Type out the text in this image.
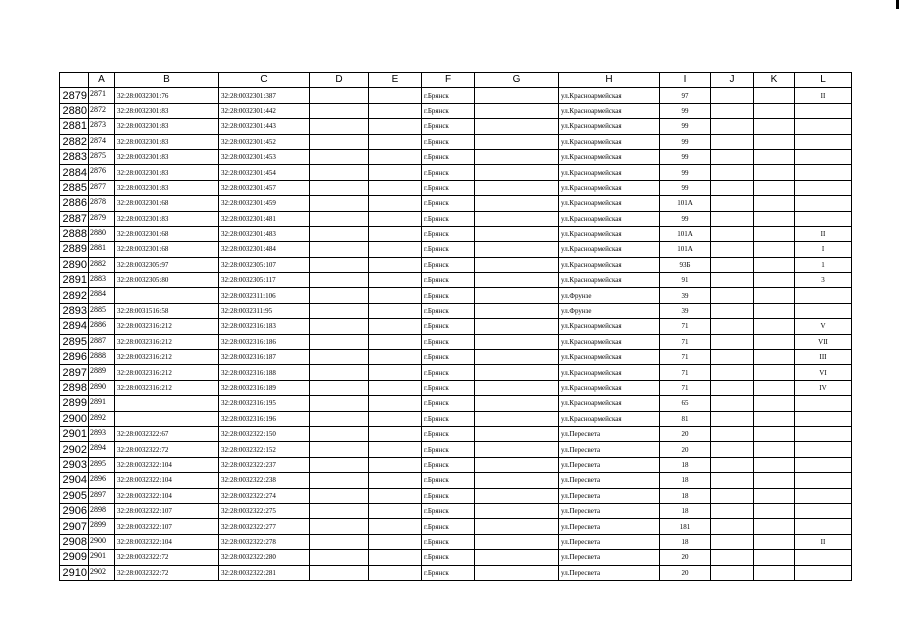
	A	B	C	D	E	F	G	H	I	J	K	L
2879	2871	32:28:0032301:76	32:28:0032301:387			г.Брянск		ул.Красноармейская	97			II
2880	2872	32:28:0032301:83	32:28:0032301:442			г.Брянск		ул.Красноармейская	99			
2881	2873	32:28:0032301:83	32:28:0032301:443			г.Брянск		ул.Красноармейская	99			
2882	2874	32:28:0032301:83	32:28:0032301:452			г.Брянск		ул.Красноармейская	99			
2883	2875	32:28:0032301:83	32:28:0032301:453			г.Брянск		ул.Красноармейская	99			
2884	2876	32:28:0032301:83	32:28:0032301:454			г.Брянск		ул.Красноармейская	99			
2885	2877	32:28:0032301:83	32:28:0032301:457			г.Брянск		ул.Красноармейская	99			
2886	2878	32:28:0032301:68	32:28:0032301:459			г.Брянск		ул.Красноармейская	101А			
2887	2879	32:28:0032301:83	32:28:0032301:481			г.Брянск		ул.Красноармейская	99			
2888	2880	32:28:0032301:68	32:28:0032301:483			г.Брянск		ул.Красноармейская	101А			II
2889	2881	32:28:0032301:68	32:28:0032301:484			г.Брянск		ул.Красноармейская	101А			I
2890	2882	32:28:0032305:97	32:28:0032305:107			г.Брянск		ул.Красноармейская	93Б			1
2891	2883	32:28:0032305:80	32:28:0032305:117			г.Брянск		ул.Красноармейская	91			3
2892	2884		32:28:0032311:106			г.Брянск		ул.Фрунзе	39			
2893	2885	32:28:0031516:58	32:28:0032311:95			г.Брянск		ул.Фрунзе	39			
2894	2886	32:28:0032316:212	32:28:0032316:183			г.Брянск		ул.Красноармейская	71			V
2895	2887	32:28:0032316:212	32:28:0032316:186			г.Брянск		ул.Красноармейская	71			VII
2896	2888	32:28:0032316:212	32:28:0032316:187			г.Брянск		ул.Красноармейская	71			III
2897	2889	32:28:0032316:212	32:28:0032316:188			г.Брянск		ул.Красноармейская	71			VI
2898	2890	32:28:0032316:212	32:28:0032316:189			г.Брянск		ул.Красноармейская	71			IV
2899	2891		32:28:0032316:195			г.Брянск		ул.Красноармейская	65			
2900	2892		32:28:0032316:196			г.Брянск		ул.Красноармейская	81			
2901	2893	32:28:0032322:67	32:28:0032322:150			г.Брянск		ул.Пересвета	20			
2902	2894	32:28:0032322:72	32:28:0032322:152			г.Брянск		ул.Пересвета	20			
2903	2895	32:28:0032322:104	32:28:0032322:237			г.Брянск		ул.Пересвета	18			
2904	2896	32:28:0032322:104	32:28:0032322:238			г.Брянск		ул.Пересвета	18			
2905	2897	32:28:0032322:104	32:28:0032322:274			г.Брянск		ул.Пересвета	18			
2906	2898	32:28:0032322:107	32:28:0032322:275			г.Брянск		ул.Пересвета	18			
2907	2899	32:28:0032322:107	32:28:0032322:277			г.Брянск		ул.Пересвета	181			
2908	2900	32:28:0032322:104	32:28:0032322:278			г.Брянск		ул.Пересвета	18			II
2909	2901	32:28:0032322:72	32:28:0032322:280			г.Брянск		ул.Пересвета	20			
2910	2902	32:28:0032322:72	32:28:0032322:281			г.Брянск		ул.Пересвета	20			
